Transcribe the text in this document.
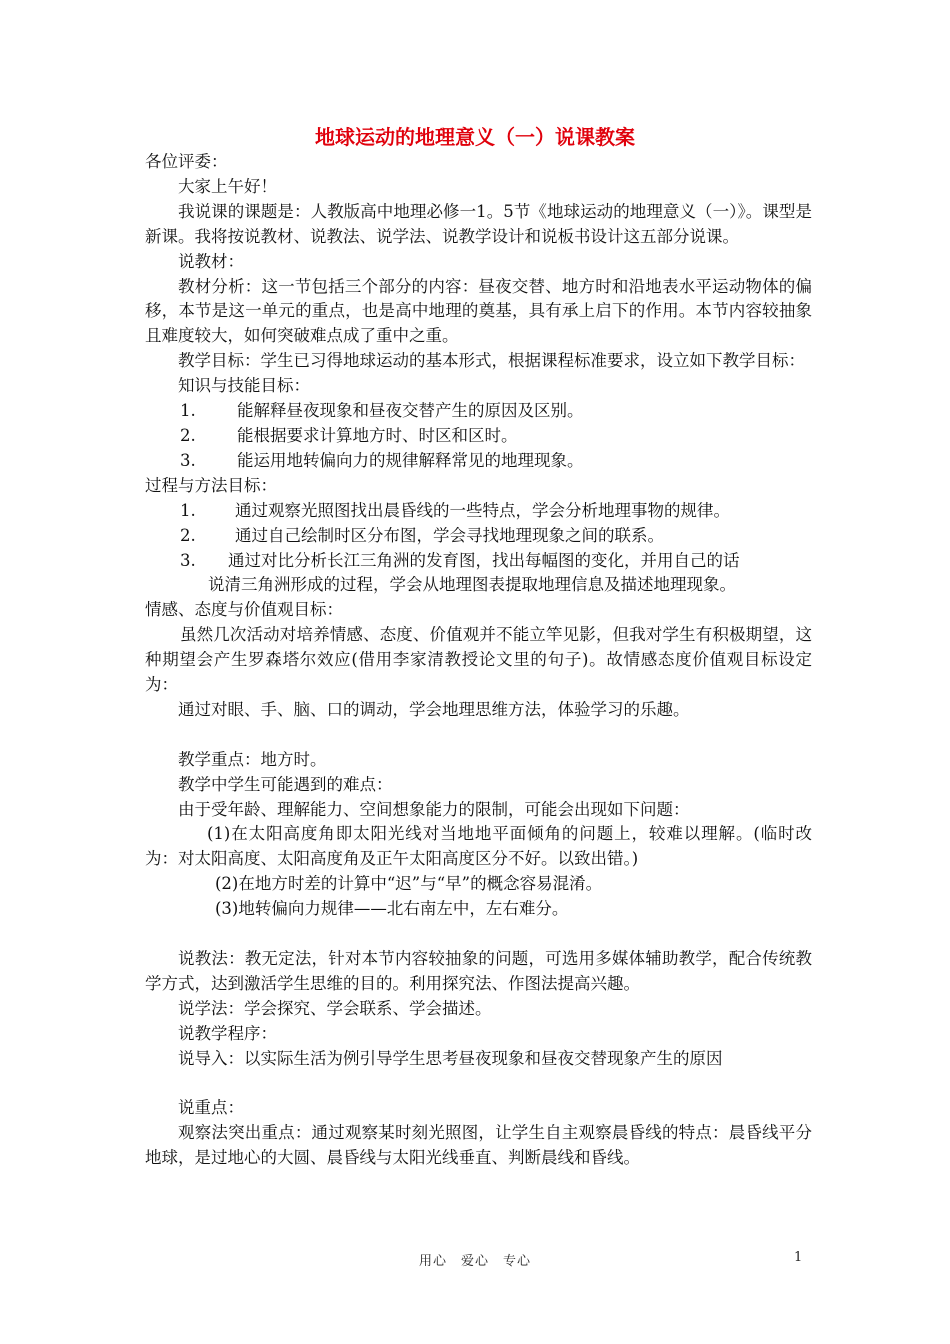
地球运动的地理意义（一）说课教案

各位评委：

大家上午好！

我说课的课题是：人教版高中地理必修一1。5节《地球运动的地理意义（一）》。课型是新课。我将按说教材、说教法、说学法、说教学设计和说板书设计这五部分说课。

说教材：

教材分析：这一节包括三个部分的内容：昼夜交替、地方时和沿地表水平运动物体的偏移，本节是这一单元的重点，也是高中地理的奠基，具有承上启下的作用。本节内容较抽象且难度较大，如何突破难点成了重中之重。

教学目标：学生已习得地球运动的基本形式，根据课程标准要求，设立如下教学目标：

知识与技能目标：

1.	能解释昼夜现象和昼夜交替产生的原因及区别。

2.	能根据要求计算地方时、时区和区时。

3.	能运用地转偏向力的规律解释常见的地理现象。

过程与方法目标：

1.	通过观察光照图找出晨昏线的一些特点，学会分析地理事物的规律。

2.	通过自己绘制时区分布图，学会寻找地理现象之间的联系。

3. 通过对比分析长江三角洲的发育图，找出每幅图的变化，并用自己的话
说清三角洲形成的过程，学会从地理图表提取地理信息及描述地理现象。

情感、态度与价值观目标：

虽然几次活动对培养情感、态度、价值观并不能立竿见影，但我对学生有积极期望，这种期望会产生罗森塔尔效应(借用李家清教授论文里的句子)。故情感态度价值观目标设定为：

通过对眼、手、脑、口的调动，学会地理思维方法，体验学习的乐趣。

教学重点：地方时。

教学中学生可能遇到的难点：

由于受年龄、理解能力、空间想象能力的限制，可能会出现如下问题：

(1)在太阳高度角即太阳光线对当地地平面倾角的问题上，较难以理解。(临时改为：对太阳高度、太阳高度角及正午太阳高度区分不好。以致出错。)

(2)在地方时差的计算中“迟”与“早”的概念容易混淆。

(3)地转偏向力规律——北右南左中，左右难分。

说教法：教无定法，针对本节内容较抽象的问题，可选用多媒体辅助教学，配合传统教学方式，达到激活学生思维的目的。利用探究法、作图法提高兴趣。

说学法：学会探究、学会联系、学会描述。

说教学程序：

说导入：以实际生活为例引导学生思考昼夜现象和昼夜交替现象产生的原因

说重点：

观察法突出重点：通过观察某时刻光照图，让学生自主观察晨昏线的特点：晨昏线平分地球，是过地心的大圆、晨昏线与太阳光线垂直、判断晨线和昏线。

用心　爱心　专心	1
